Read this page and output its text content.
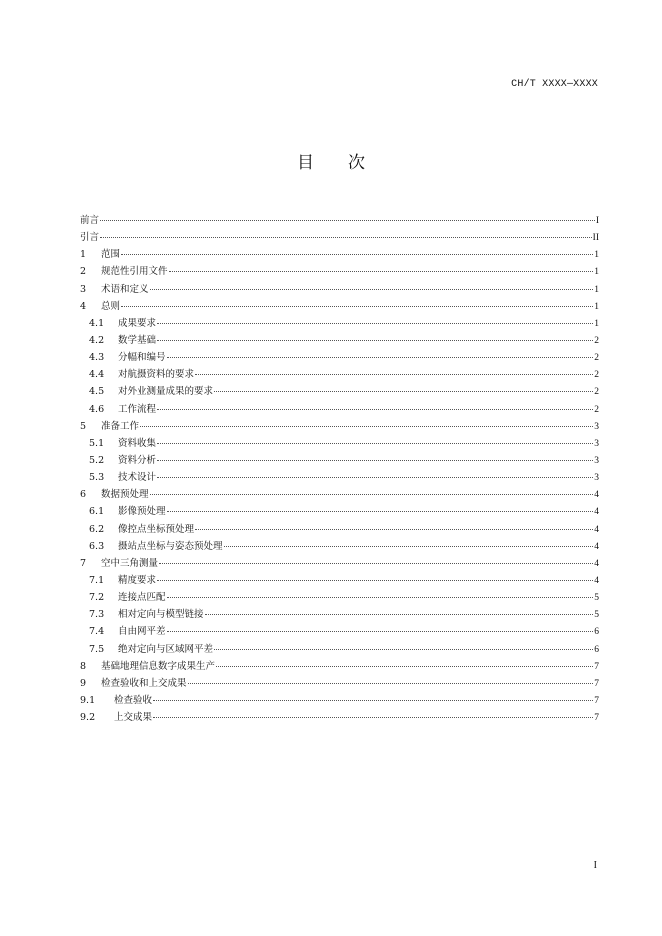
CH/T XXXX—XXXX
目次
前言	I
引言	II
1	范围	1
2	规范性引用文件	1
3	术语和定义	1
4	总则	1
4.1	成果要求	1
4.2	数学基础	2
4.3	分幅和编号	2
4.4	对航摄资料的要求	2
4.5	对外业测量成果的要求	2
4.6	工作流程	2
5	准备工作	3
5.1	资料收集	3
5.2	资料分析	3
5.3	技术设计	3
6	数据预处理	4
6.1	影像预处理	4
6.2	像控点坐标预处理	4
6.3	摄站点坐标与姿态预处理	4
7	空中三角测量	4
7.1	精度要求	4
7.2	连接点匹配	5
7.3	相对定向与模型链接	5
7.4	自由网平差	6
7.5	绝对定向与区域网平差	6
8	基础地理信息数字成果生产	7
9	检查验收和上交成果	7
9.1	检查验收	7
9.2	上交成果	7
I
